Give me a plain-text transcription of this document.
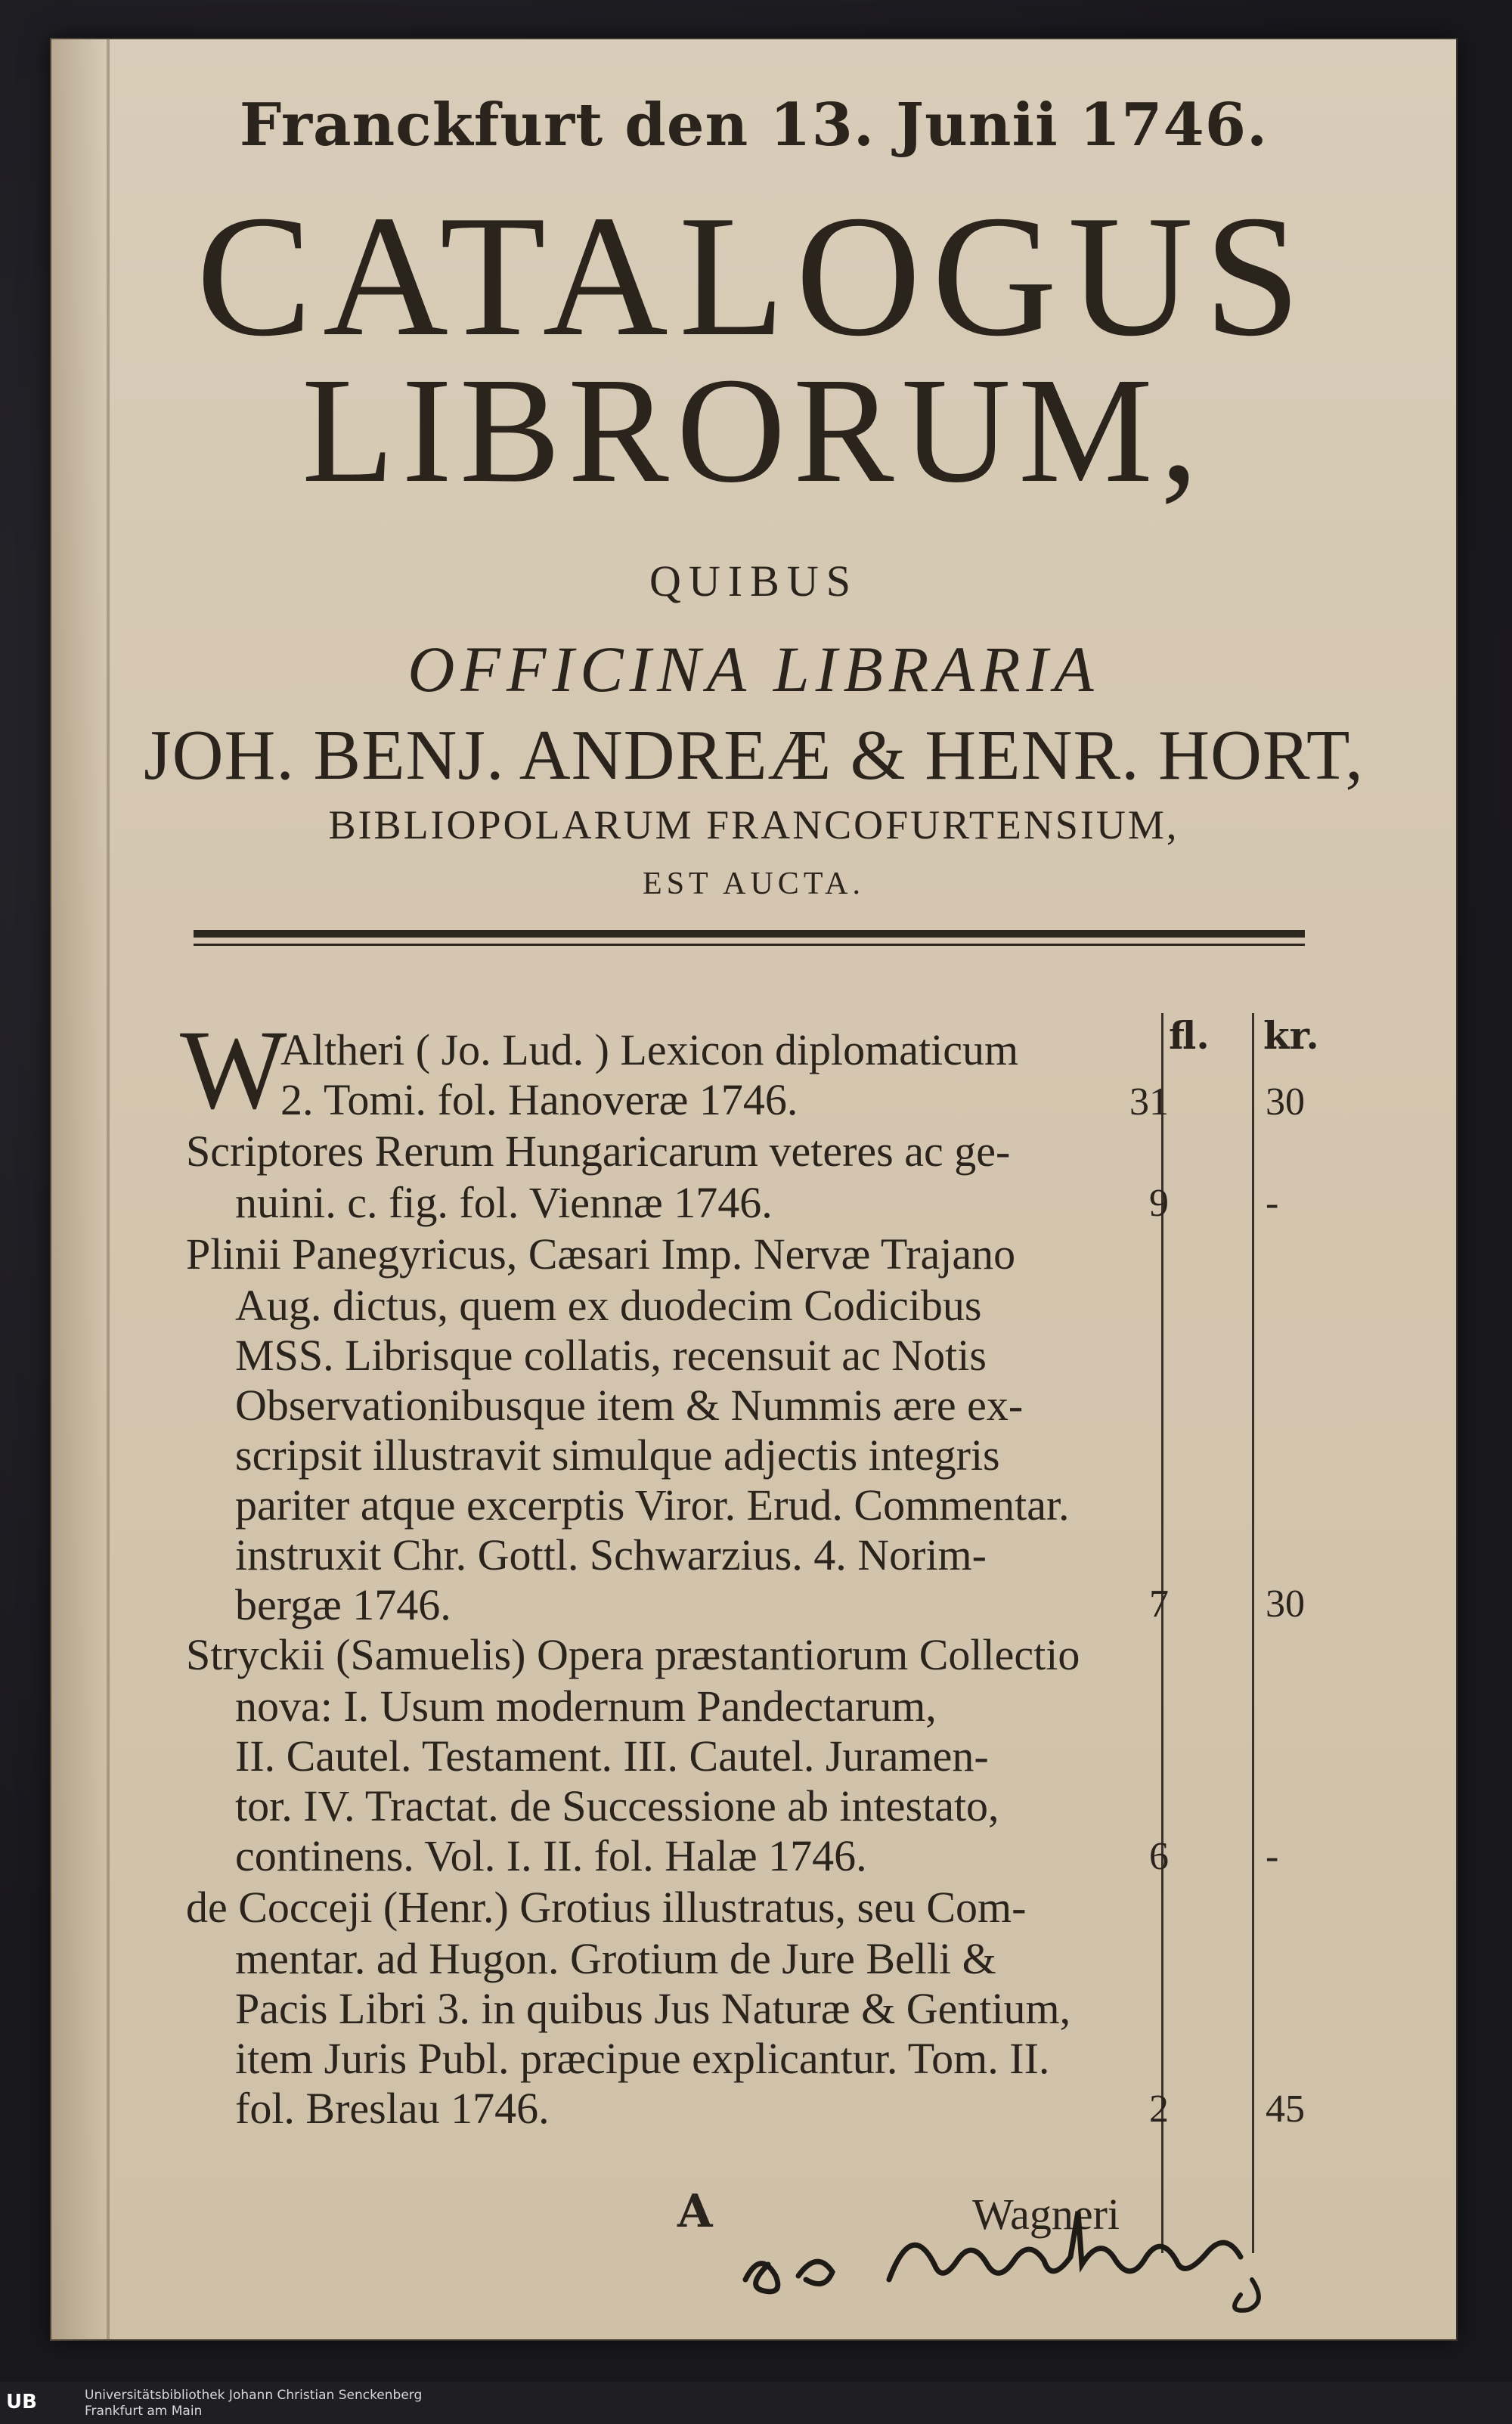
Franckfurt den 13. Junii 1746.
CATALOGUS
LIBRORUM,
QUIBUS
OFFICINA LIBRARIA
JOH. BENJ. ANDREÆ & HENR. HORT,
BIBLIOPOLARUM FRANCOFURTENSIUM,
EST AUCTA.
fl. kr.
W
Altheri ( Jo. Lud. ) Lexicon diplomaticum
2. Tomi. fol. Hanoveræ 1746.	31	30
Scriptores Rerum Hungaricarum veteres ac ge-
nuini. c. fig. fol. Viennæ 1746.	9	-
Plinii Panegyricus, Cæsari Imp. Nervæ Trajano
Aug. dictus, quem ex duodecim Codicibus
MSS. Librisque collatis, recensuit ac Notis
Observationibusque item & Nummis ære ex-
scripsit illustravit simulque adjectis integris
pariter atque excerptis Viror. Erud. Commentar.
instruxit Chr. Gottl. Schwarzius. 4. Norim-
bergæ 1746.	7	30
Stryckii (Samuelis) Opera præstantiorum Collectio
nova: I. Usum modernum Pandectarum,
II. Cautel. Testament. III. Cautel. Juramen-
tor. IV. Tractat. de Successione ab intestato,
continens. Vol. I. II. fol. Halæ 1746.	6	-
de Cocceji (Henr.) Grotius illustratus, seu Com-
mentar. ad Hugon. Grotium de Jure Belli &
Pacis Libri 3. in quibus Jus Naturæ & Gentium,
item Juris Publ. præcipue explicantur. Tom. II.
fol. Breslau 1746.	2	45
A	Wagneri
UB	Universitätsbibliothek Johann Christian Senckenberg
Frankfurt am Main
